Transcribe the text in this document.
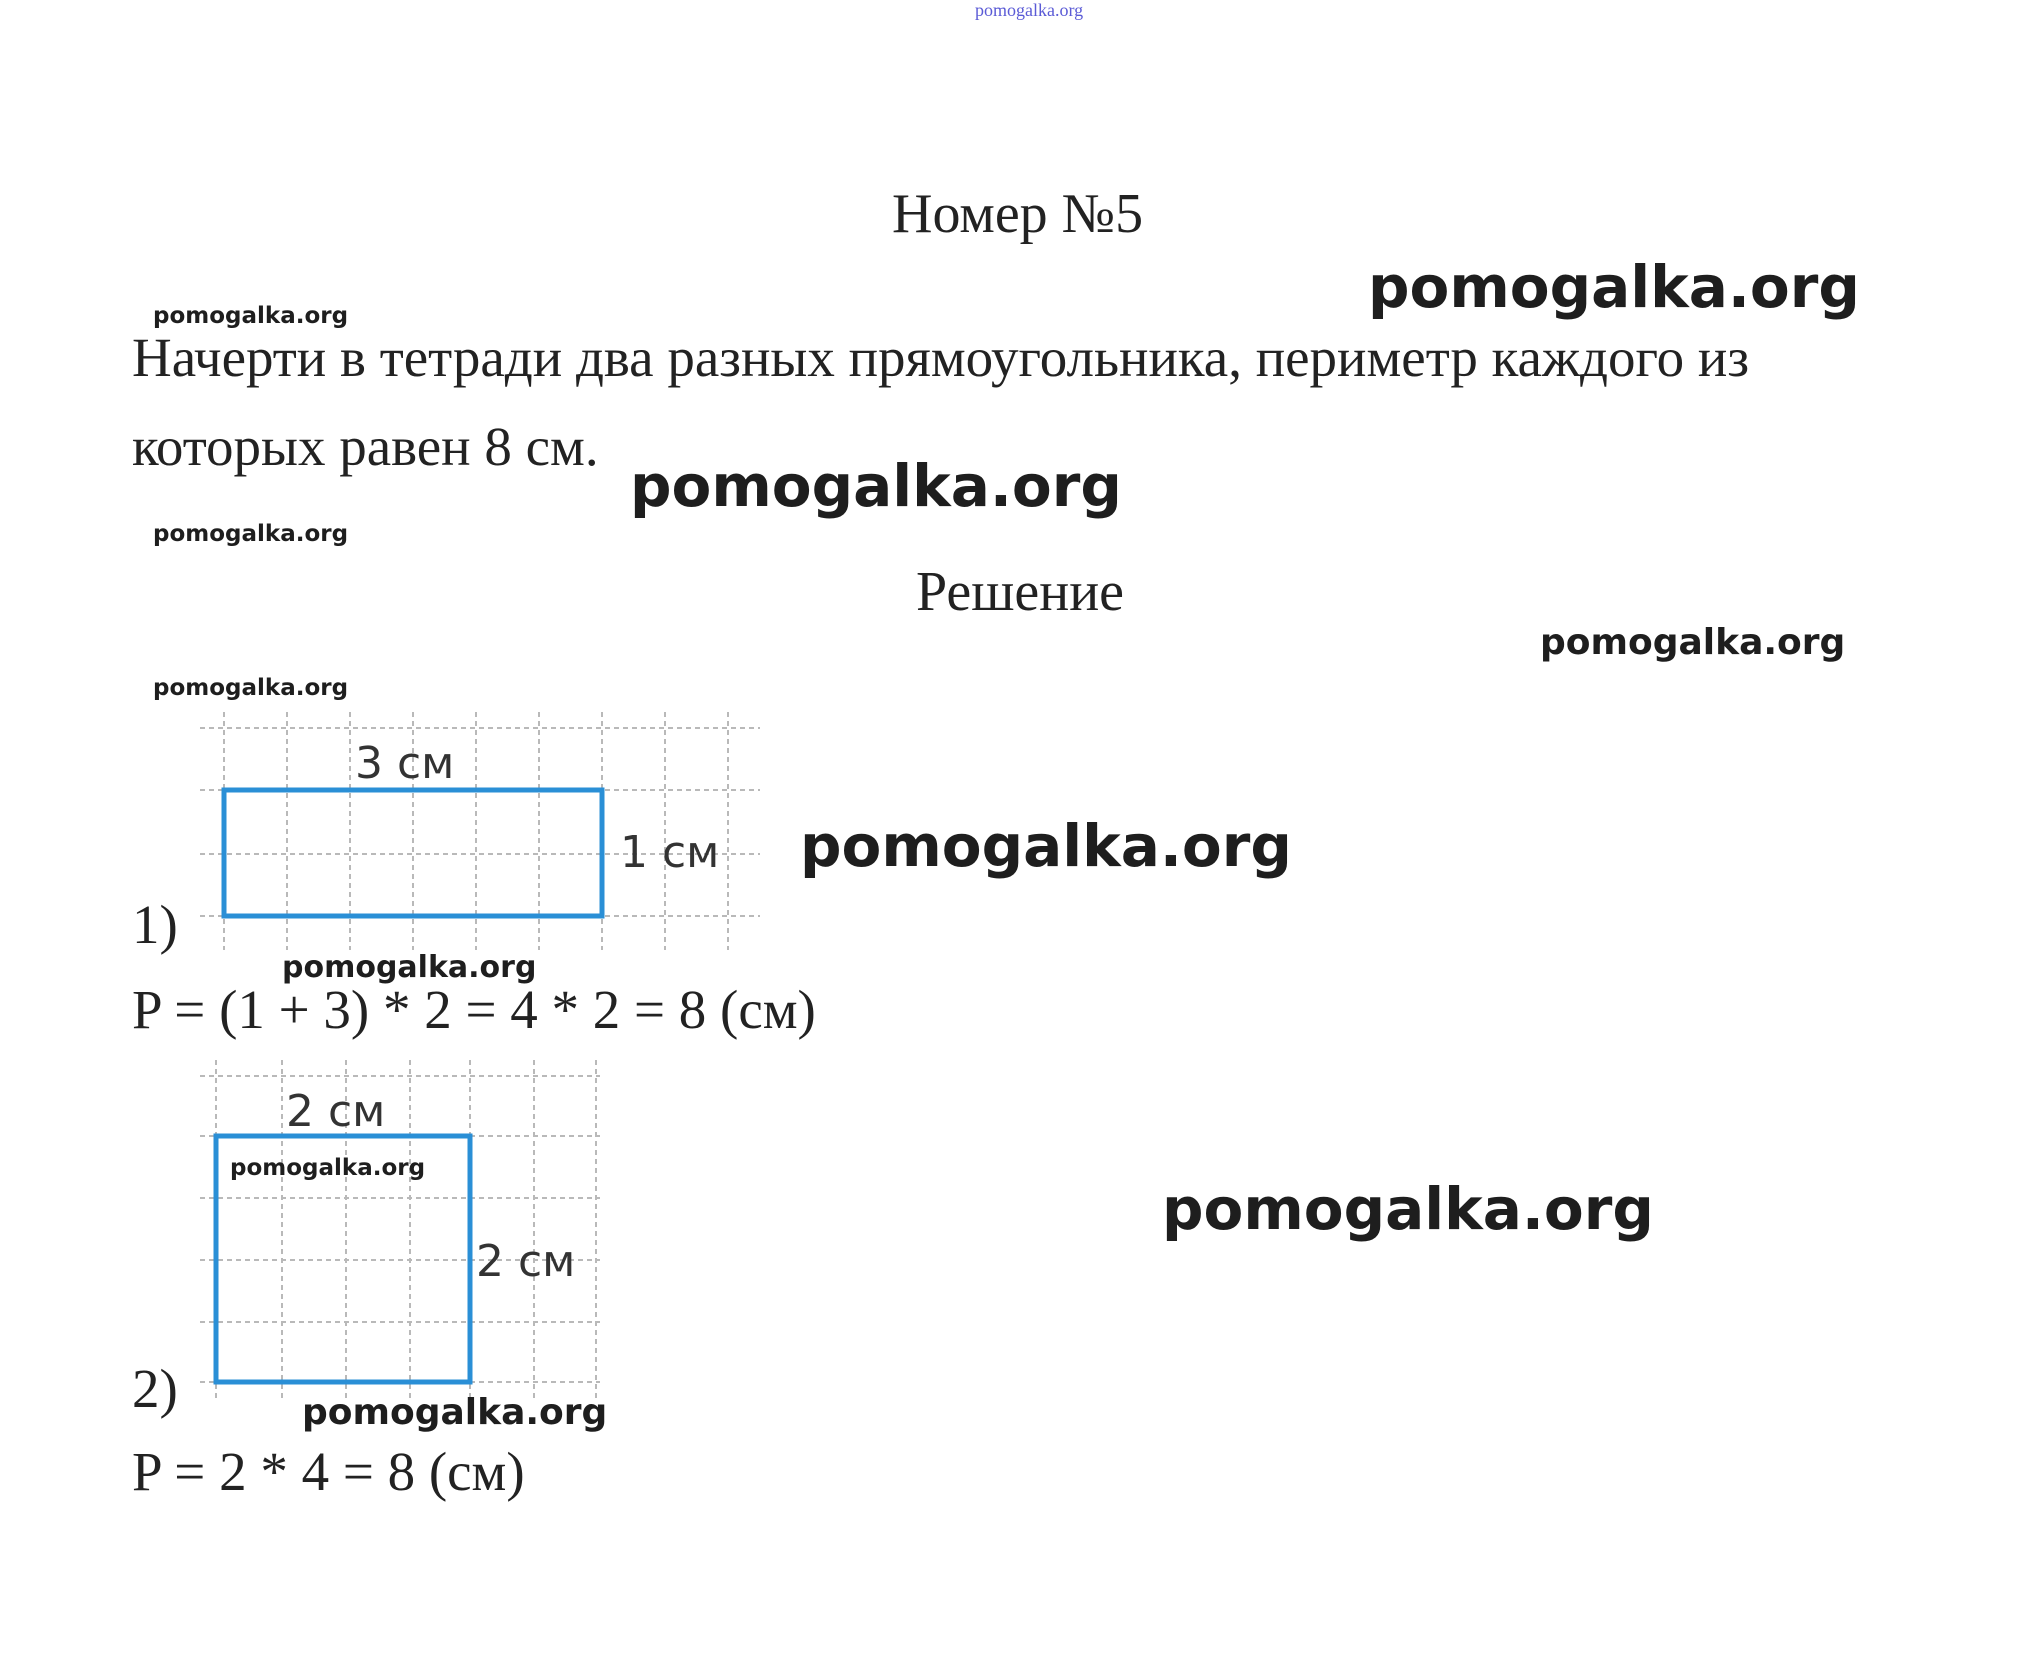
pomogalka.org
Номер №5
pomogalka.org
pomogalka.org
Начерти в тетради два разных прямоугольника, периметр каждого из
которых равен 8 см.
pomogalka.org
pomogalka.org
Решение
pomogalka.org
pomogalka.org
3 см
1 см pomogalka.org
1)
pomogalka.org
P = (1 + 3) * 2 = 4 * 2 = 8 (см)
2 см
2 см
pomogalka.org
pomogalka.org
2)	pomogalka.org
P = 2 * 4 = 8 (см)
